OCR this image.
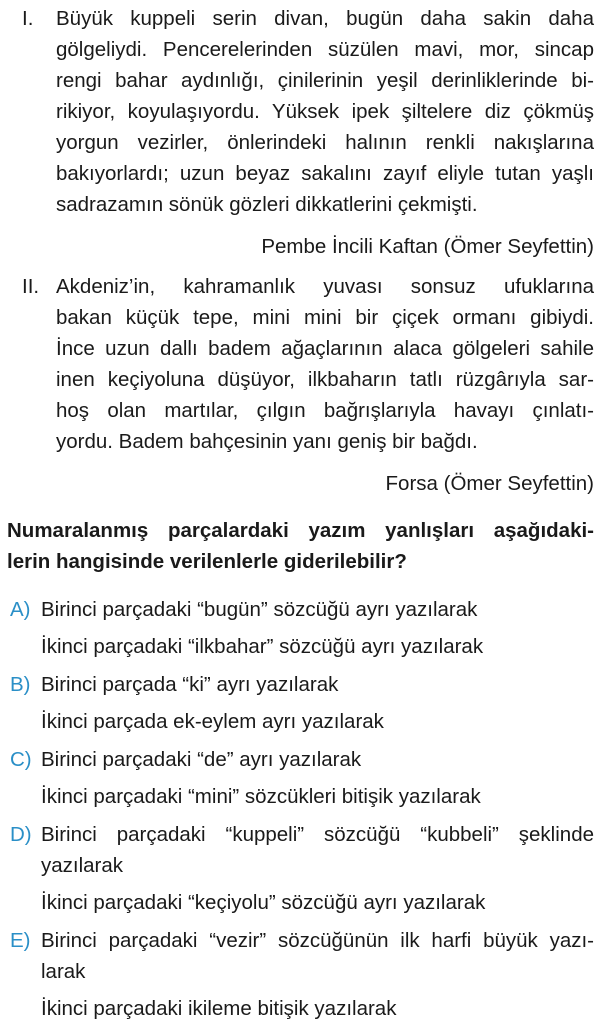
I. Büyük kuppeli serin divan, bugün daha sakin daha
gölgeliydi. Pencerelerinden süzülen mavi, mor, sincap
rengi bahar aydınlığı, çinilerinin yeşil derinliklerinde bi-
rikiyor, koyulaşıyordu. Yüksek ipek şiltelere diz çökmüş
yorgun vezirler, önlerindeki halının renkli nakışlarına
bakıyorlardı; uzun beyaz sakalını zayıf eliyle tutan yaşlı
sadrazamın sönük gözleri dikkatlerini çekmişti.

Pembe İncili Kaftan (Ömer Seyfettin)
II. Akdeniz’in, kahramanlık yuvası sonsuz ufuklarına
bakan küçük tepe, mini mini bir çiçek ormanı gibiydi.
İnce uzun dallı badem ağaçlarının alaca gölgeleri sahile
inen keçiyoluna düşüyor, ilkbaharın tatlı rüzgârıyla sar-
hoş olan martılar, çılgın bağrışlarıyla havayı çınlatı-
yordu. Badem bahçesinin yanı geniş bir bağdı.

Forsa (Ömer Seyfettin)
Numaralanmış parçalardaki yazım yanlışları aşağıdaki-
lerin hangisinde verilenlerle giderilebilir?
A) Birinci parçadaki “bugün” sözcüğü ayrı yazılarak
İkinci parçadaki “ilkbahar” sözcüğü ayrı yazılarak
B) Birinci parçada “ki” ayrı yazılarak
İkinci parçada ek-eylem ayrı yazılarak
C) Birinci parçadaki “de” ayrı yazılarak
İkinci parçadaki “mini” sözcükleri bitişik yazılarak
D) Birinci parçadaki “kuppeli” sözcüğü “kubbeli” şeklinde
yazılarak
İkinci parçadaki “keçiyolu” sözcüğü ayrı yazılarak
E) Birinci parçadaki “vezir” sözcüğünün ilk harfi büyük yazı-
larak
İkinci parçadaki ikileme bitişik yazılarak
